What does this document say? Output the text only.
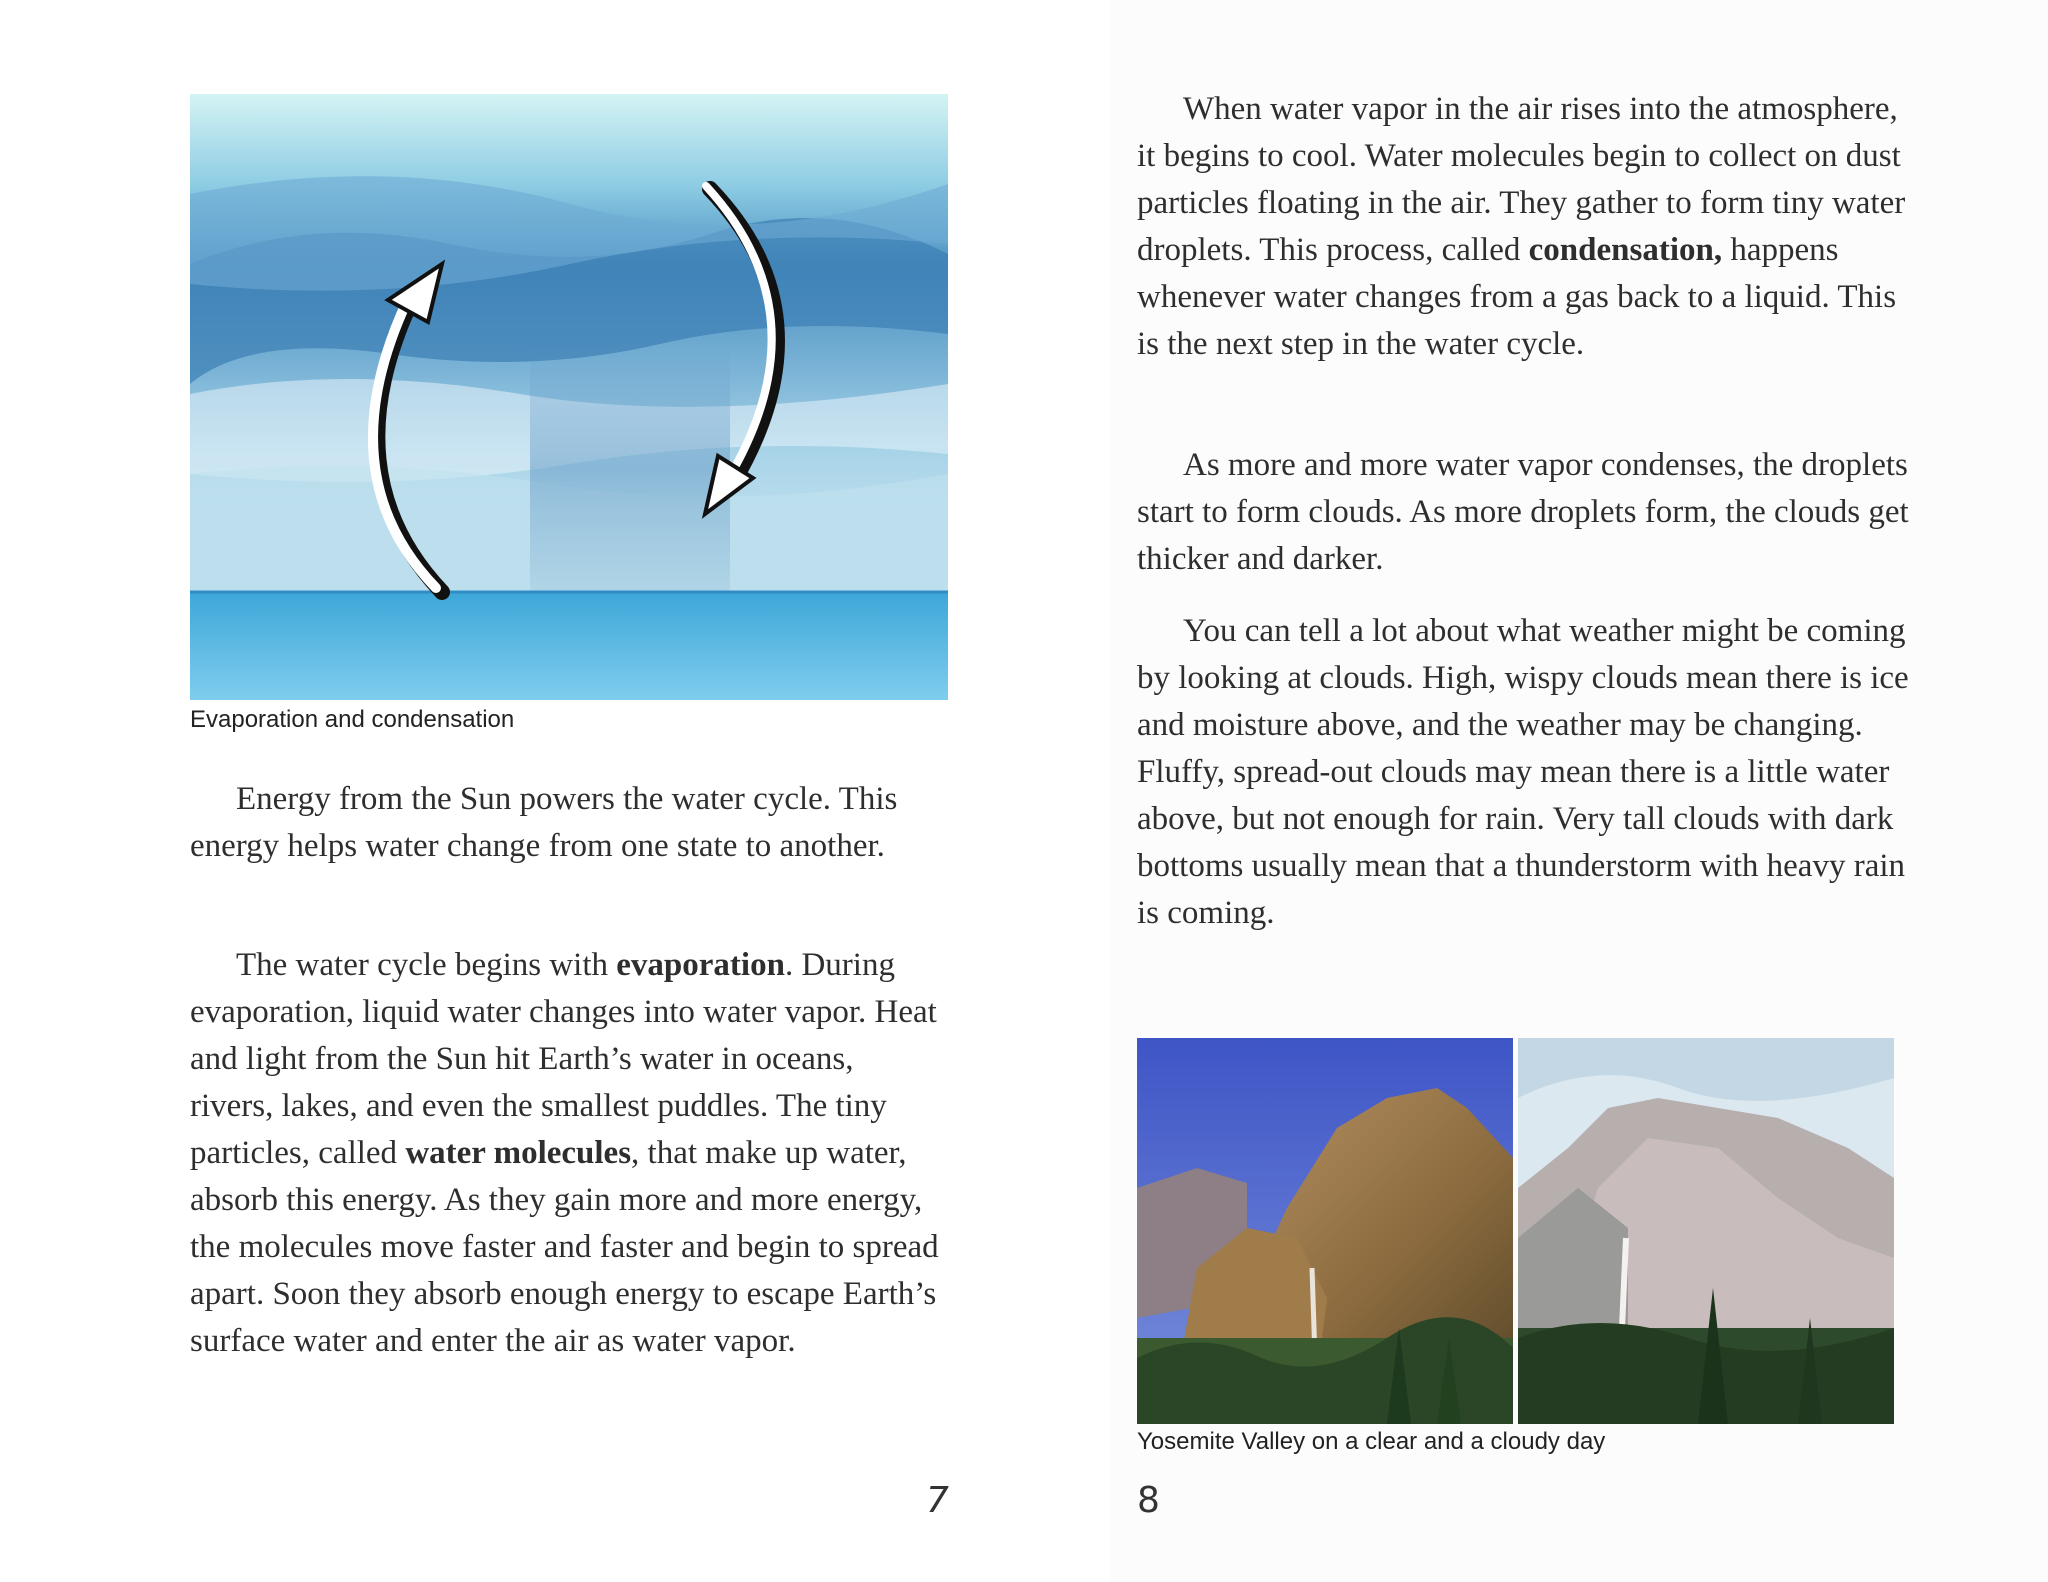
Evaporation and condensation

Energy from the Sun powers the water cycle. This energy helps water change from one state to another.

The water cycle begins with evaporation. During evaporation, liquid water changes into water vapor. Heat and light from the Sun hit Earth’s water in oceans, rivers, lakes, and even the smallest puddles. The tiny particles, called water molecules, that make up water, absorb this energy. As they gain more and more energy, the molecules move faster and faster and begin to spread apart. Soon they absorb enough energy to escape Earth’s surface water and enter the air as water vapor.

7

When water vapor in the air rises into the atmosphere, it begins to cool. Water molecules begin to collect on dust particles floating in the air. They gather to form tiny water droplets. This process, called condensation, happens whenever water changes from a gas back to a liquid. This is the next step in the water cycle.

As more and more water vapor condenses, the droplets start to form clouds. As more droplets form, the clouds get thicker and darker.

You can tell a lot about what weather might be coming by looking at clouds. High, wispy clouds mean there is ice and moisture above, and the weather may be changing. Fluffy, spread-out clouds may mean there is a little water above, but not enough for rain. Very tall clouds with dark bottoms usually mean that a thunderstorm with heavy rain is coming.

Yosemite Valley on a clear and a cloudy day

8
